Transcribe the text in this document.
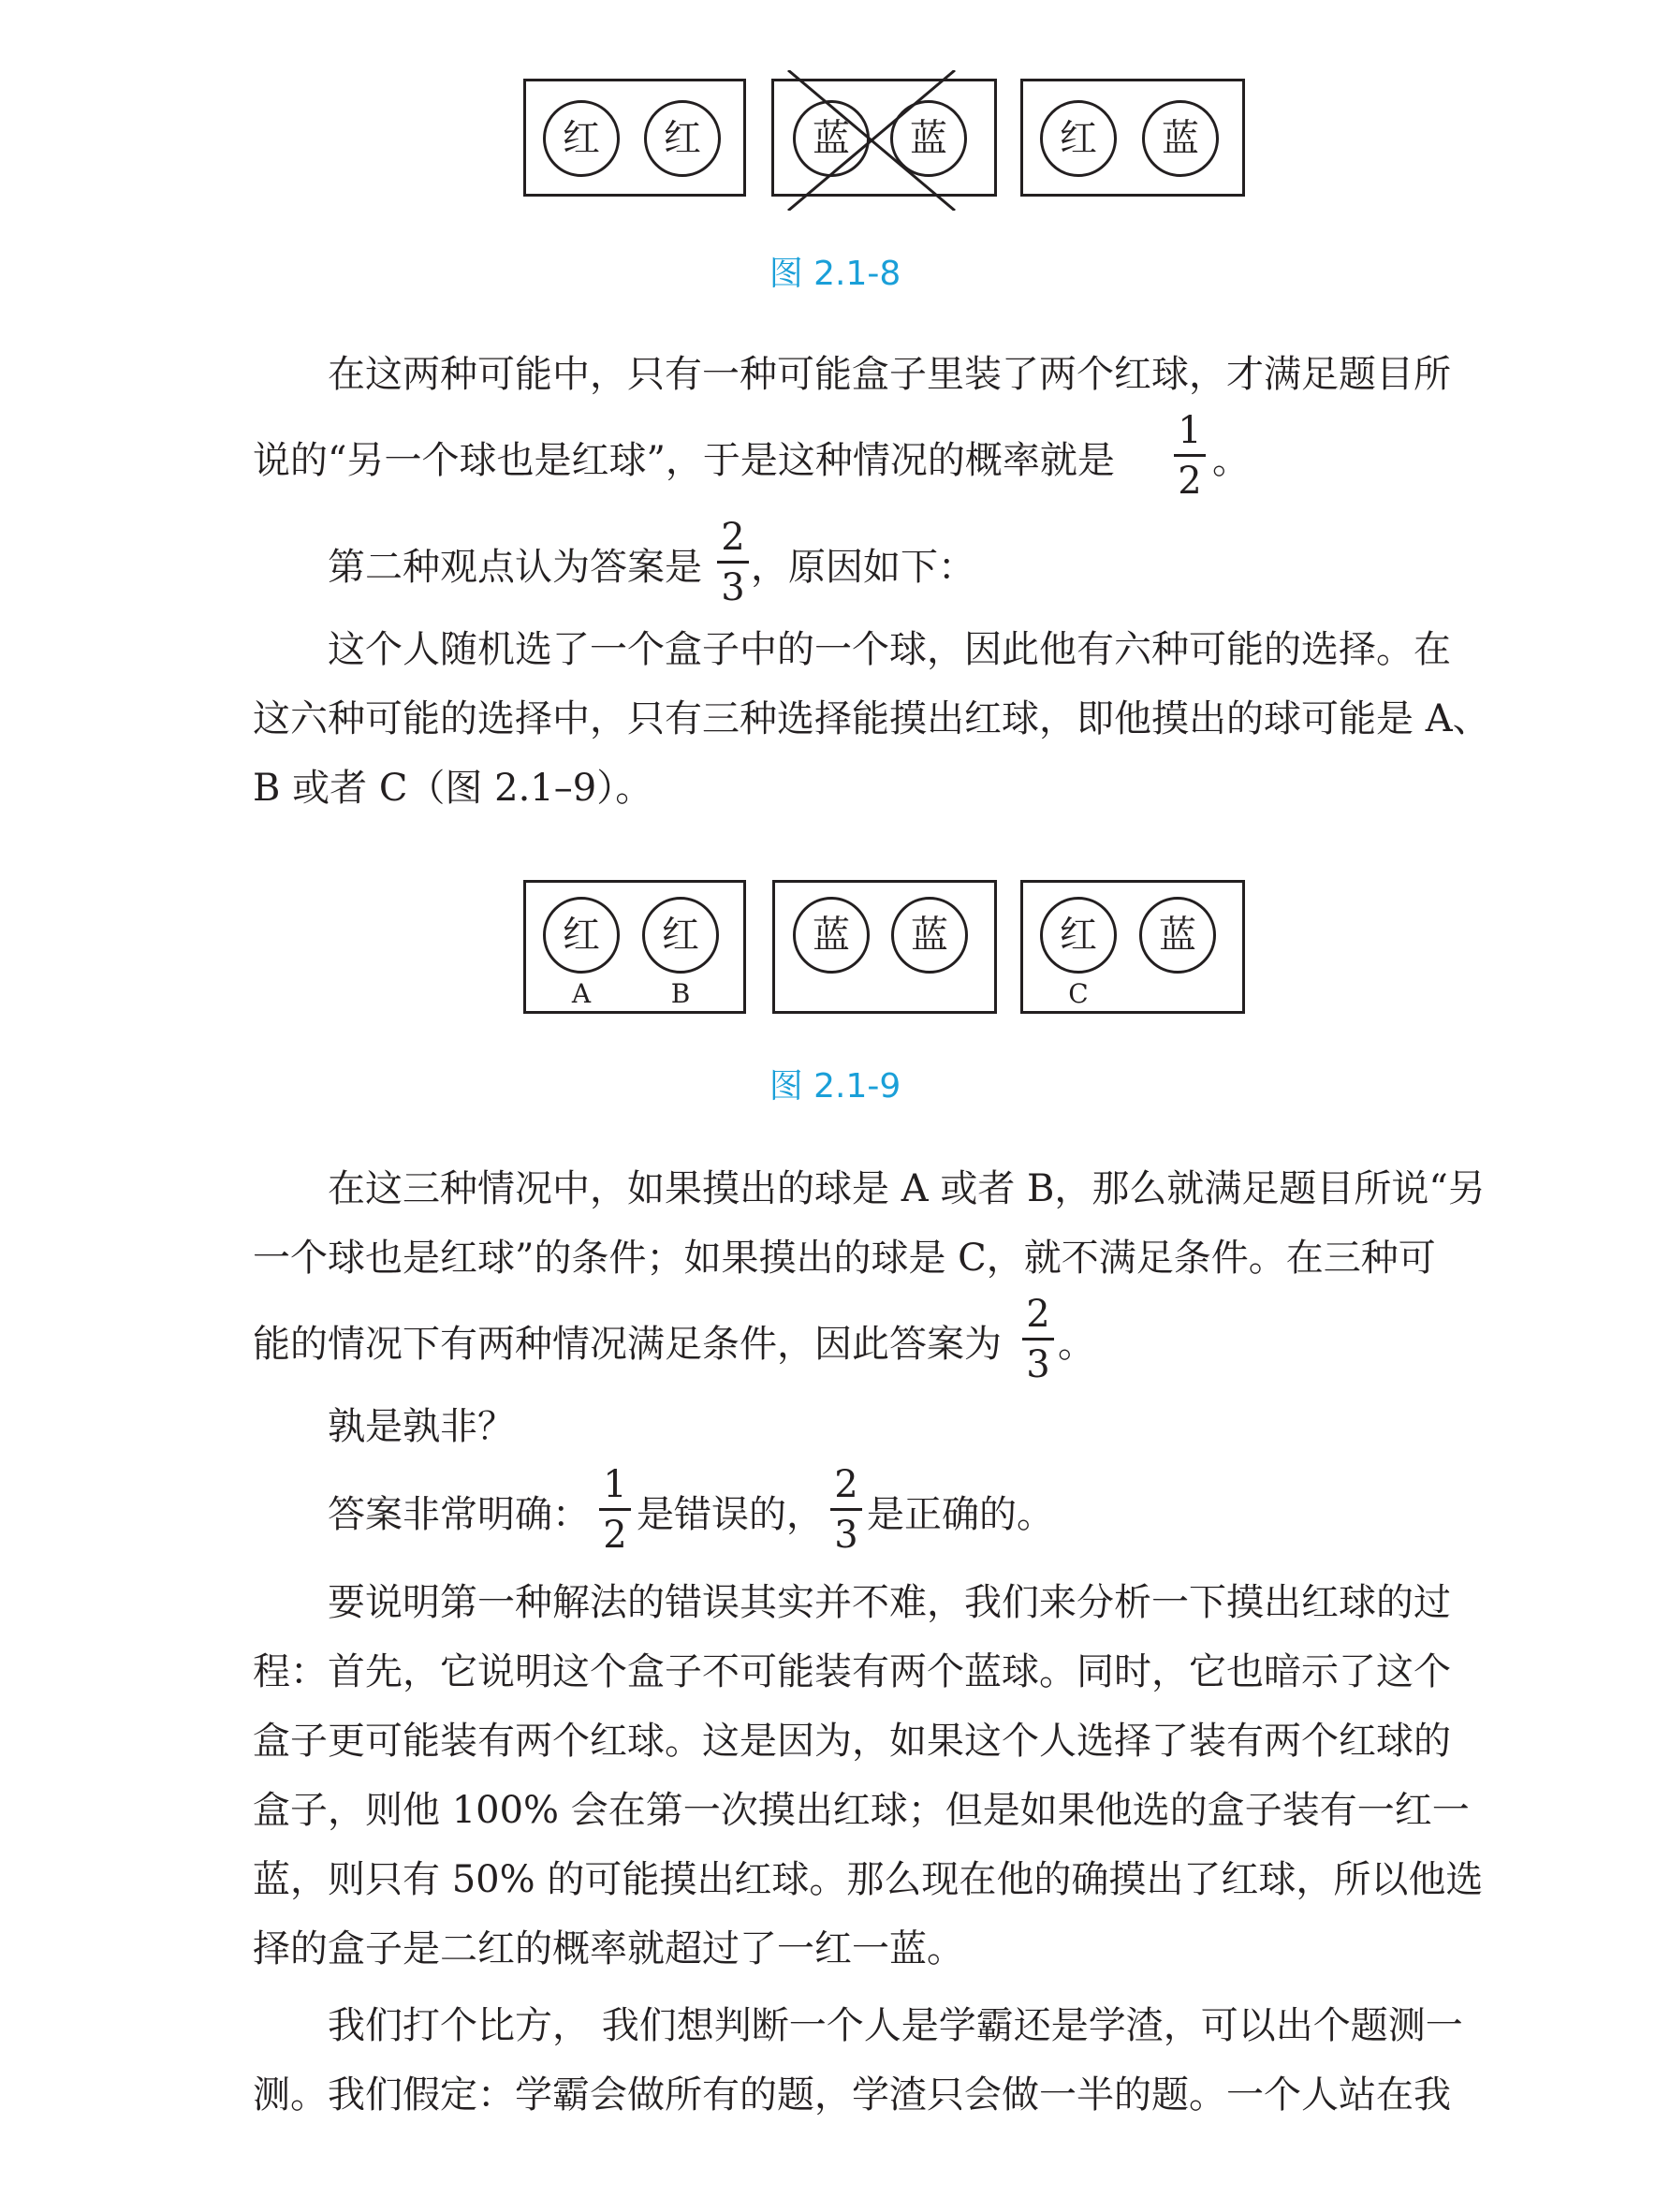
红	红	蓝	蓝	红	蓝
图 2.1-8
在这两种可能中，只有一种可能盒子里装了两个红球，才满足题目所
说的“另一个球也是红球”，于是这种情况的概率就是
1
2 。
第二种观点认为答案是
2
3 ，原因如下：
这个人随机选了一个盒子中的一个球，因此他有六种可能的选择。在
这六种可能的选择中，只有三种选择能摸出红球，即他摸出的球可能是 A、
B 或者 C（图 2.1–9）。
红	红
A	B
蓝	蓝	红	蓝
C
图 2.1-9
在这三种情况中，如果摸出的球是 A 或者 B，那么就满足题目所说“另
一个球也是红球”的条件；如果摸出的球是 C，就不满足条件。在三种可
能的情况下有两种情况满足条件，因此答案为
2
3 。
孰是孰非？
答案非常明确：
1
2 是错误的，
2
3 是正确的。
要说明第一种解法的错误其实并不难，我们来分析一下摸出红球的过
程：首先，它说明这个盒子不可能装有两个蓝球。同时，它也暗示了这个
盒子更可能装有两个红球。这是因为，如果这个人选择了装有两个红球的
盒子，则他 100% 会在第一次摸出红球；但是如果他选的盒子装有一红一
蓝，则只有 50% 的可能摸出红球。那么现在他的确摸出了红球，所以他选
择的盒子是二红的概率就超过了一红一蓝。
我们打个比方， 我们想判断一个人是学霸还是学渣，可以出个题测一
测。我们假定：学霸会做所有的题，学渣只会做一半的题。一个人站在我
